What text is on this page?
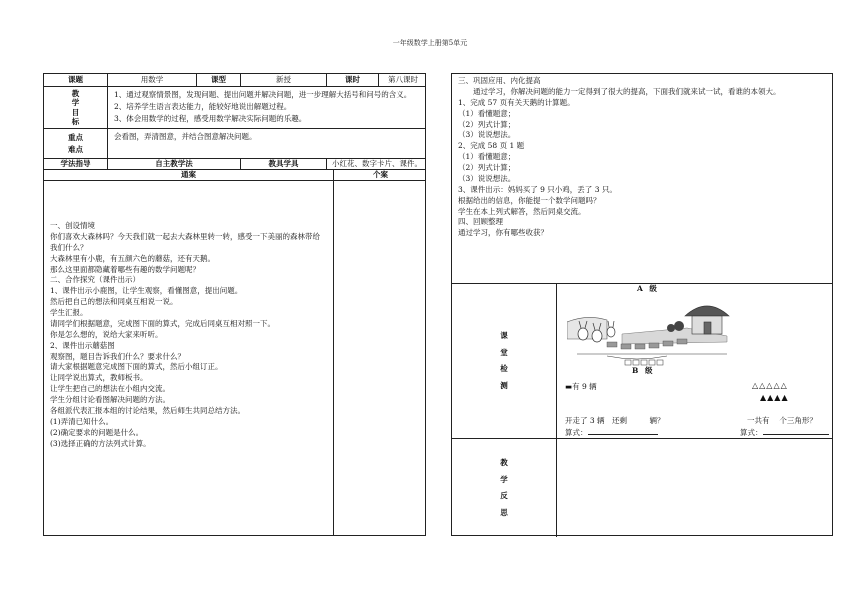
一年级数学上册第5单元
课题	用数学	课型	新授	课时	第八课时
教
学
目
标
1、通过观察情景图，发现问题、提出问题并解决问题，进一步理解大括号和问号的含义。
2、培养学生语言表达能力，能较好地说出解题过程。
3、体会用数学的过程，感受用数学解决实际问题的乐趣。
重点
难点
会看图，弄清图意，并结合图意解决问题。
学法指导	自主教学法	教具学具	小红花、数字卡片、课件。
通案	个案

一、创设情境

你们喜欢大森林吗？今天我们就一起去大森林里转一转，感受一下美丽的森林带给我们什么？

大森林里有小鹿，有五颜六色的蘑菇，还有天鹅。

那么这里面都隐藏着哪些有趣的数学问题呢？

二、合作探究（课件出示）

1、课件出示小鹿图，让学生观察，看懂图意，提出问题。

然后把自己的想法和同桌互相说一说。

学生汇报。

请同学们根据题意，完成图下面的算式，完成后同桌互相对照一下。

你是怎么想的，说给大家来听听。

2、课件出示蘑菇图

观察图，题目告诉我们什么？要求什么？

请大家根据题意完成图下面的算式，然后小组订正。

让同学说出算式，教师板书。

让学生把自己的想法在小组内交流。

学生分组讨论看图解决问题的方法。

各组派代表汇报本组的讨论结果，然后师生共同总结方法。

(1)弄清已知什么。

(2)确定要求的问题是什么。

(3)选择正确的方法列式计算。

三、巩固应用、内化提高

　　通过学习，你解决问题的能力一定得到了很大的提高，下面我们就来试一试，看谁的本领大。

1、完成 57 页有关天鹅的计算题。

（1）看懂题意；

（2）列式计算；

（3）说说想法。

2、完成 58 页 1 题

（1）看懂题意；

（2）列式计算；

（3）说说想法。

3、课件出示：妈妈买了 9 只小鸡，丢了 3 只。

根据给出的信息，你能提一个数学问题吗？

学生在本上列式解答，然后同桌交流。

四、回顾整理

通过学习，你有哪些收获？

课
堂
检
测
A 级
B 级
▬有 9 辆	△△△△△
▲▲▲▲
开走了 3 辆　还剩　　　辆？	一共有　 个三角形？
算式：	算式：
教
学
反
思
